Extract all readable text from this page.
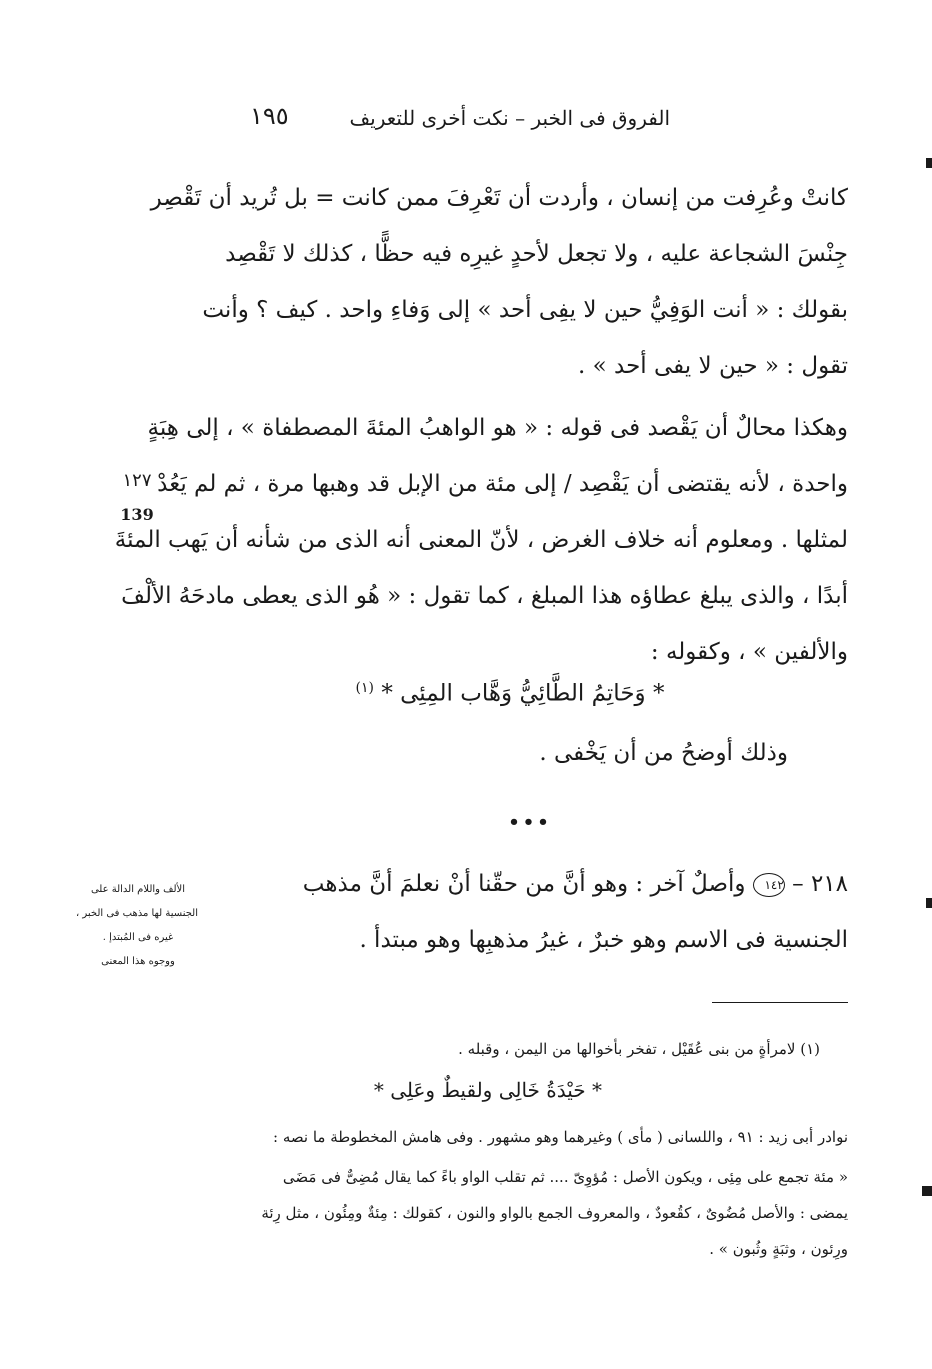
الفروق فى الخبر – نكت أخرى للتعريف
١٩٥
كانتْ وعُرِفت من إنسان ، وأردت أن تَعْرِفَ ممن كانت = بل تُريد أن تَقْصِر
جِنْسَ الشجاعة عليه ، ولا تجعل لأحدٍ غيرِه فيه حظًّا ، كذلك لا تَقْصِد
بقولك : « أنت الوَفِيُّ حين لا يفِى أحد » إلى وَفاءِ واحد . كيف ؟ وأنت
تقول : « حين لا يفى أحد » .
وهكذا محالٌ أن يَقْصد فى قوله : « هو الواهبُ المئةَ المصطفاة » ، إلى هِبَةٍ
واحدة ، لأنه يقتضى أن يَقْصِد / إلى مئة من الإبل قد وهبها مرة ، ثم لم يَعُدْ
لمثلها . ومعلوم أنه خلاف الغرض ، لأنّ المعنى أنه الذى من شأنه أن يَهب المئةَ
أبدًا ، والذى يبلغ عطاؤه هذا المبلغ ، كما تقول : « هُو الذى يعطى مادحَهُ الألْفَ
والألفين » ، وكقوله :
١٢٧
139
* وَحَاتِمُ الطَّائِيُّ وَهَّاب المِئِى * $^{(١)}$
وذلك أوضحُ من أن يَخْفى .
•••
٢١٨ – ١٤٢ وأصلٌ آخر : وهو أنَّ من حقّنا أنْ نعلمَ أنَّ مذهب
الجنسية فى الاسم وهو خبرٌ ، غيرُ مذهبِها وهو مبتدأ .
الألف واللام الدالة على
الجنسية لها مذهب فى الخبر ،
غيره فى المُبتدإ .
ووجوه هذا المعنى
(١) لامرأةٍ من بنى عُقَيْل ، تفخر بأخوالها من اليمن ، وقبله .
* حَيْدَةُ خَالِى ولقيطٌ وعَلِى *
نوادر أبى زيد : ٩١ ، واللسانى ( مأى ) وغيرهما وهو مشهور . وفى هامش المخطوطة ما نصه :
« مئة تجمع على مِئِى ، ويكون الأصل : مُؤوِىّ .... ثم تقلب الواو باءً كما يقال مُضِىٌّ فى مَضَى
يمضى : والأصل مُضُوىٌ ، كقُعودٌ ، والمعروف الجمع بالواو والنون ، كقولك : مِئةٌ ومِئُون ، مثل رِئة
ورِئون ، وثبَةٍ وثُبون » .
